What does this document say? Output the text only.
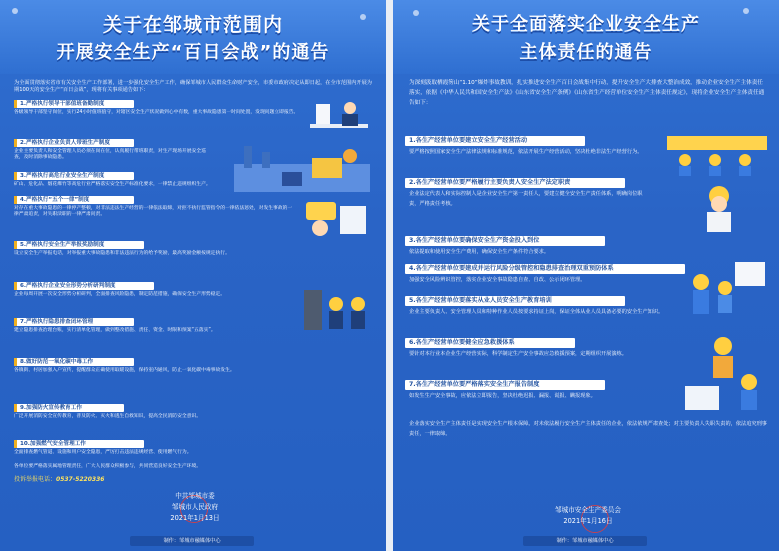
关于在邹城市范围内
开展安全生产“百日会战”的通告
为全面贯彻落实省市有关安全生产工作部署，进一步强化安全生产工作，确保邹城市人民群众生命财产安全，市委市政府决定从即日起，在全市范围内开展为期100天的安全生产“百日会战”，现将有关事项通告如下：
1.严格执行领导干部值班备勤制度
各级领导干部坚守岗位，实行24小时值班值守，对辖区安全生产状况做到心中有数，重大事故隐患第一时间处置，发现问题立即报告。
2.严格执行企业负责人带班生产制度
企业主要负责人和安全管理人员必须在岗在位，认真履行带班职责，对生产现场开展安全巡查，及时消除事故隐患。
3.严格执行高危行业安全生产制度
矿山、危化品、烟花爆竹等高危行业严格落实安全生产标准化要求，一律禁止违规组织生产。
4.严格执行“五个一律”制度
对存在重大事故隐患的一律停产整顿，对非法违法生产经营的一律依法取缔，对拒不执行监管指令的一律依法惩处，对发生事故的一律严肃追责，对失职渎职的一律严肃问责。
5.严格执行安全生产举报奖励制度
设立安全生产举报电话，对举报重大事故隐患和非法违法行为的给予奖励，最高奖励金额按规定执行。
6.严格执行企业安全形势分析研判制度
企业每周开展一次安全形势分析研判，全面排查风险隐患，制定防范措施，确保安全生产形势稳定。
7.严格执行隐患排查闭环管理
建立隐患排查治理台账，实行清单化管理，做到整改措施、责任、资金、时限和预案“五落实”。
8.做好防范一氧化碳中毒工作
各镇街、村居加强入户宣传，提醒群众正确使用取暖设施，保持室内通风，防止一氧化碳中毒事故发生。
9.加强防火宣传教育工作
广泛开展消防安全宣传教育，普及防火、灭火和逃生自救知识，提高全民消防安全意识。
10.加强燃气安全管理工作
全面排查燃气管道、设施和用户安全隐患，严厉打击违法违规经营、使用燃气行为。
各单位要严格落实属地管理责任，广大人民群众积极参与，共同营造良好安全生产环境。
投诉举报电话：0537-5220336
中共邹城市委
邹城市人民政府
2021年1月13日
制作：邹城市融媒体中心
关于全面落实企业安全生产
主体责任的通告
为深刻汲取栖霞笏山“1.10”爆炸事故教训，扎实推进安全生产百日会战集中行动，提升安全生产大排查大整治成效，推动企业安全生产主体责任落实，依据《中华人民共和国安全生产法》《山东省安全生产条例》《山东省生产经营单位安全生产主体责任规定》，现将企业安全生产主体责任通告如下：
1.各生产经营单位要建立安全生产经营活动
要严格按照国家安全生产法律法规和标准规范，依法开展生产经营活动，坚决杜绝非法生产经营行为。
2.各生产经营单位要严格履行主要负责人安全生产法定职责
企业法定代表人和实际控制人是企业安全生产第一责任人，要建立健全安全生产责任体系，明确岗位职责，严格责任考核。
3.各生产经营单位要确保安全生产资金投入到位
依法提取和使用安全生产费用，确保安全生产条件符合要求。
4.各生产经营单位要建成并运行风险分级管控和隐患排查治理双重预防体系
加强安全风险辨识管控，落实企业安全事故隐患自查、自改、公示闭环管理。
5.各生产经营单位要落实从业人员安全生产教育培训
企业主要负责人、安全管理人员和特种作业人员按要求持证上岗，保证全体从业人员具备必要的安全生产知识。
6.各生产经营单位要健全应急救援体系
要针对本行业本企业生产经营实际，科学制定生产安全事故应急救援预案，定期组织开展演练。
7.各生产经营单位要严格落实安全生产报告制度
如发生生产安全事故，应依法立即报告，坚决杜绝迟报、漏报、谎报、瞒报现象。
企业落实安全生产主体责任是实现安全生产根本保障。对未依法履行安全生产主体责任的企业，依法依规严肃查处；对主要负责人失职失责的，依法追究刑事责任，一律取缔。
邹城市安全生产委员会
2021年1月16日
制作：邹城市融媒体中心
